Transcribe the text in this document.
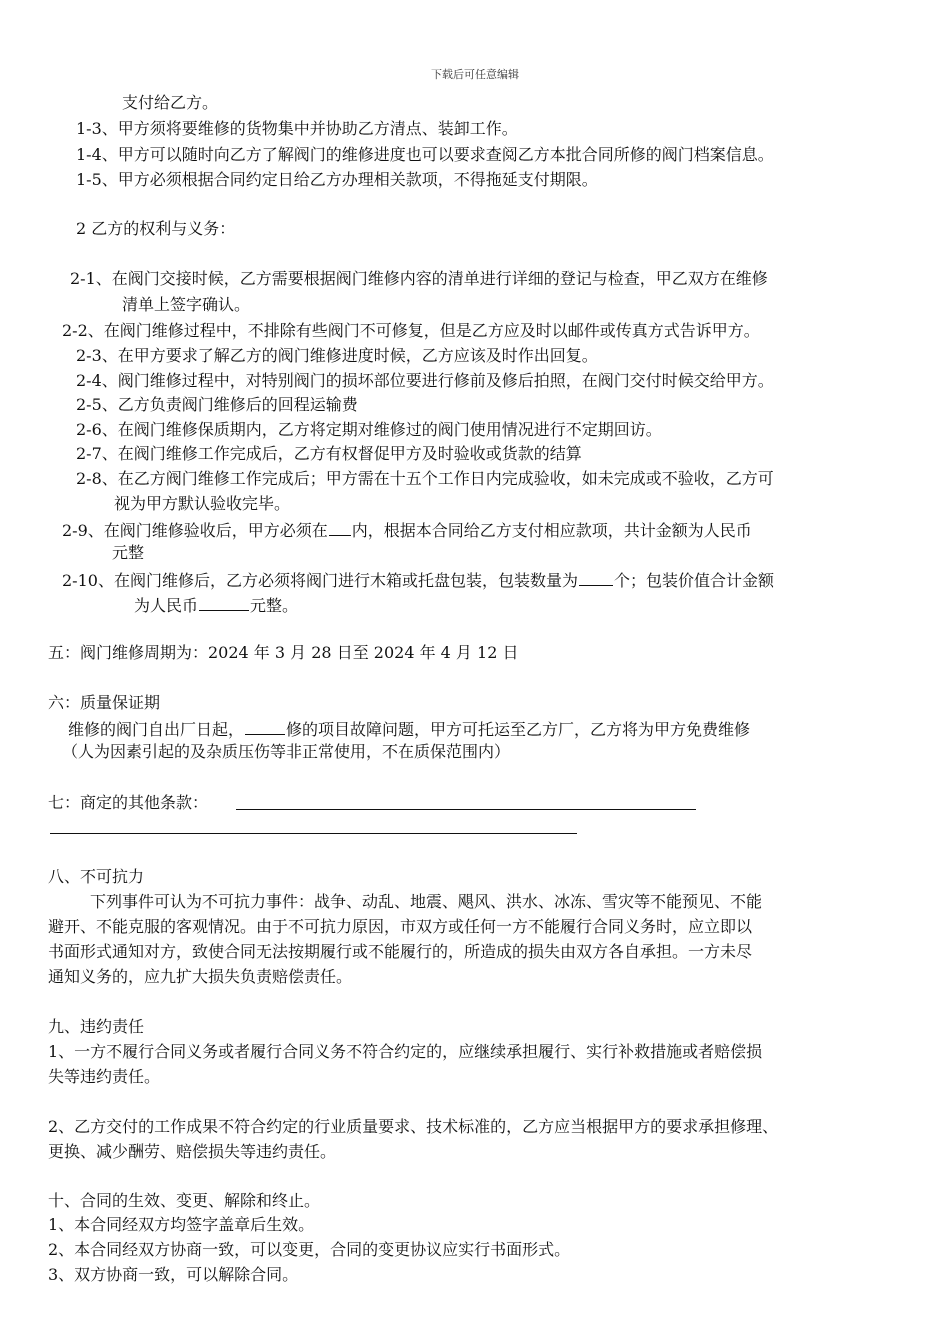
下载后可任意编辑
支付给乙方。
1-3、甲方须将要维修的货物集中并协助乙方清点、装卸工作。
1-4、甲方可以随时向乙方了解阀门的维修进度也可以要求查阅乙方本批合同所修的阀门档案信息。
1-5、甲方必须根据合同约定日给乙方办理相关款项，不得拖延支付期限。
2 乙方的权利与义务：
2-1、在阀门交接时候，乙方需要根据阀门维修内容的清单进行详细的登记与检查，甲乙双方在维修
清单上签字确认。
2-2、在阀门维修过程中，不排除有些阀门不可修复，但是乙方应及时以邮件或传真方式告诉甲方。
2-3、在甲方要求了解乙方的阀门维修进度时候，乙方应该及时作出回复。
2-4、阀门维修过程中，对特别阀门的损坏部位要进行修前及修后拍照，在阀门交付时候交给甲方。
2-5、乙方负责阀门维修后的回程运输费
2-6、在阀门维修保质期内，乙方将定期对维修过的阀门使用情况进行不定期回访。
2-7、在阀门维修工作完成后，乙方有权督促甲方及时验收或货款的结算
2-8、在乙方阀门维修工作完成后；甲方需在十五个工作日内完成验收，如未完成或不验收，乙方可
视为甲方默认验收完毕。
2-9、在阀门维修验收后，甲方必须在 内，根据本合同给乙方支付相应款项，共计金额为人民币
元整
2-10、在阀门维修后，乙方必须将阀门进行木箱或托盘包装，包装数量为 个；包装价值合计金额
为人民币	元整。
五：阀门维修周期为：2024 年 3 月 28 日至 2024 年 4 月 12 日
六：质量保证期
维修的阀门自出厂日起，	修的项目故障问题，甲方可托运至乙方厂，乙方将为甲方免费维修
（人为因素引起的及杂质压伤等非正常使用，不在质保范围内）
七：商定的其他条款：
八、不可抗力
下列事件可认为不可抗力事件：战争、动乱、地震、飓风、洪水、冰冻、雪灾等不能预见、不能
避开、不能克服的客观情况。由于不可抗力原因，市双方或任何一方不能履行合同义务时，应立即以
书面形式通知对方，致使合同无法按期履行或不能履行的，所造成的损失由双方各自承担。一方未尽
通知义务的，应九扩大损失负责赔偿责任。
九、违约责任
1、一方不履行合同义务或者履行合同义务不符合约定的，应继续承担履行、实行补救措施或者赔偿损
失等违约责任。
2、乙方交付的工作成果不符合约定的行业质量要求、技术标准的，乙方应当根据甲方的要求承担修理、
更换、减少酬劳、赔偿损失等违约责任。
十、合同的生效、变更、解除和终止。
1、本合同经双方均签字盖章后生效。
2、本合同经双方协商一致，可以变更，合同的变更协议应实行书面形式。
3、双方协商一致，可以解除合同。
